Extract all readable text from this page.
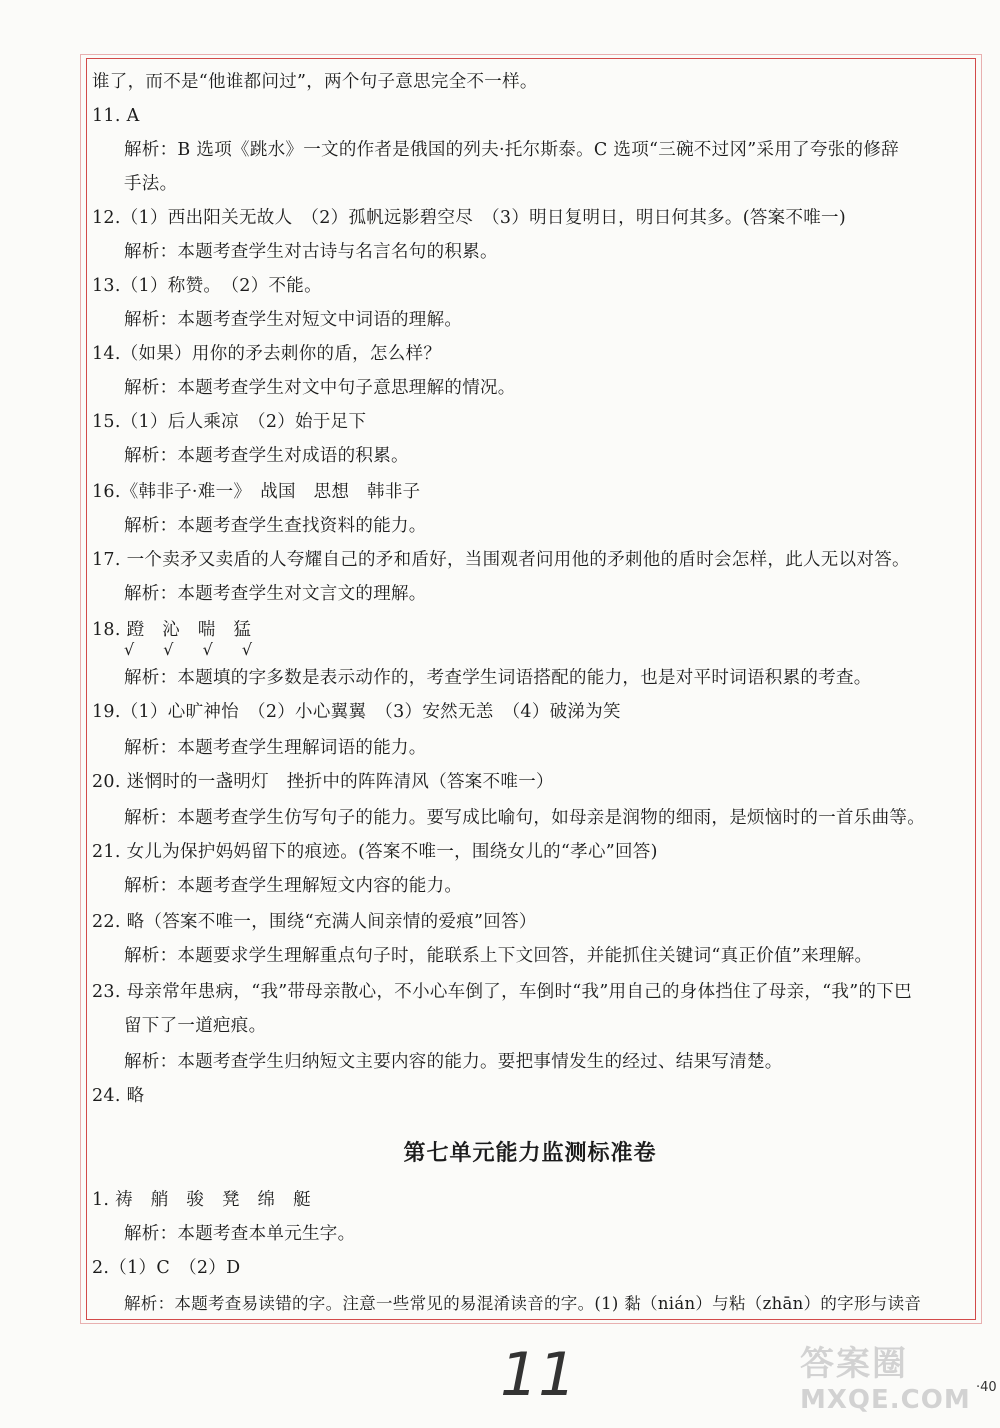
谁了，而不是“他谁都问过”，两个句子意思完全不一样。
11. A
解析：B 选项《跳水》一文的作者是俄国的列夫·托尔斯泰。C 选项“三碗不过冈”采用了夸张的修辞
手法。
12.（1）西出阳关无故人　（2）孤帆远影碧空尽　（3）明日复明日，明日何其多。(答案不唯一)
解析：本题考查学生对古诗与名言名句的积累。
13.（1）称赞。　（2）不能。
解析：本题考查学生对短文中词语的理解。
14.（如果）用你的矛去刺你的盾，怎么样？
解析：本题考查学生对文中句子意思理解的情况。
15.（1）后人乘凉　（2）始于足下
解析：本题考查学生对成语的积累。
16.《韩非子·难一》　战国　思想　韩非子
解析：本题考查学生查找资料的能力。
17. 一个卖矛又卖盾的人夸耀自己的矛和盾好，当围观者问用他的矛刺他的盾时会怎样，此人无以对答。
解析：本题考查学生对文言文的理解。
18. 蹬　沁　喘　猛
√ √ √ √
解析：本题填的字多数是表示动作的，考查学生词语搭配的能力，也是对平时词语积累的考查。
19.（1）心旷神怡　（2）小心翼翼　（3）安然无恙　（4）破涕为笑
解析：本题考查学生理解词语的能力。
20. 迷惘时的一盏明灯　挫折中的阵阵清风（答案不唯一）
解析：本题考查学生仿写句子的能力。要写成比喻句，如母亲是润物的细雨，是烦恼时的一首乐曲等。
21. 女儿为保护妈妈留下的痕迹。(答案不唯一，围绕女儿的“孝心”回答)
解析：本题考查学生理解短文内容的能力。
22. 略（答案不唯一，围绕“充满人间亲情的爱痕”回答）
解析：本题要求学生理解重点句子时，能联系上下文回答，并能抓住关键词“真正价值”来理解。
23. 母亲常年患病，“我”带母亲散心，不小心车倒了，车倒时“我”用自己的身体挡住了母亲，“我”的下巴
留下了一道疤痕。
解析：本题考查学生归纳短文主要内容的能力。要把事情发生的经过、结果写清楚。
24. 略
第七单元能力监测标准卷
1. 祷　艄　骏　凳　绵　艇
解析：本题考查本单元生字。
2.（1）C　（2）D
解析：本题考查易读错的字。注意一些常见的易混淆读音的字。(1) 黏（nián）与粘（zhān）的字形与读音
11	答案圈
MXQE.COM ·40
